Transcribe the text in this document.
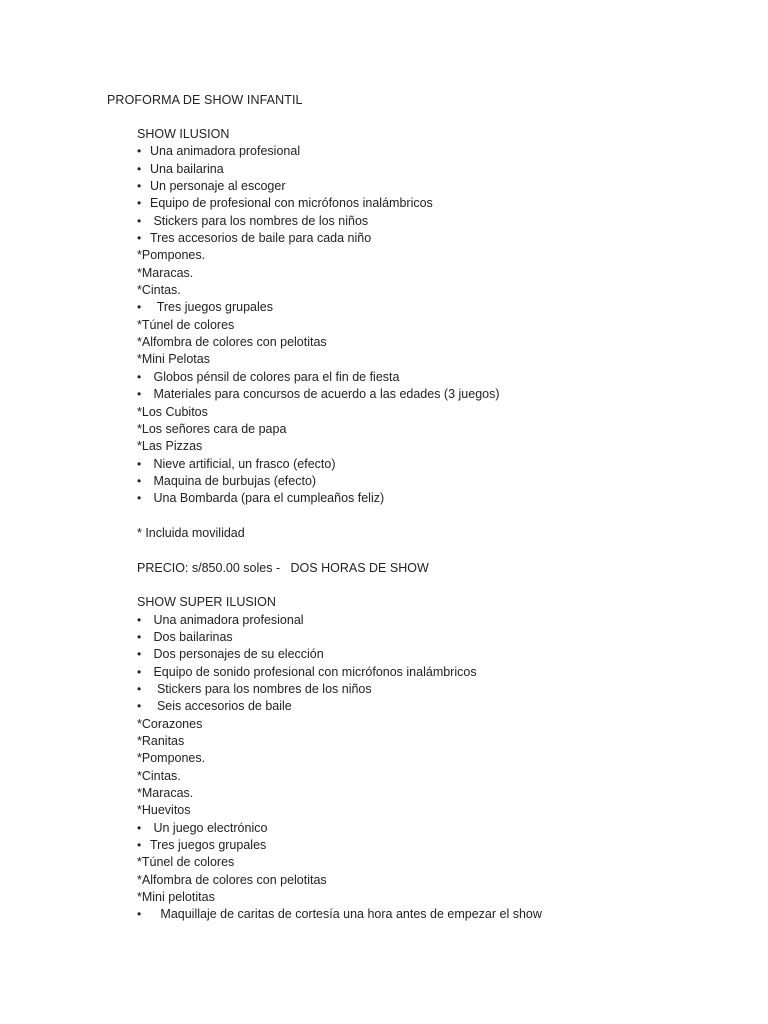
PROFORMA DE SHOW INFANTIL
SHOW ILUSION
• Una animadora profesional
• Una bailarina
• Un personaje al escoger
• Equipo de profesional con micrófonos inalámbricos
• Stickers para los nombres de los niños
• Tres accesorios de baile para cada niño
*Pompones.
*Maracas.
*Cintas.
•  Tres juegos grupales
*Túnel de colores
*Alfombra de colores con pelotitas
*Mini Pelotas
• Globos pénsil de colores para el fin de fiesta
• Materiales para concursos de acuerdo a las edades (3 juegos)
*Los Cubitos
*Los señores cara de papa
*Las Pizzas
• Nieve artificial, un frasco (efecto)
• Maquina de burbujas (efecto)
• Una Bombarda (para el cumpleaños feliz)
* Incluida movilidad
PRECIO: s/850.00 soles -   DOS HORAS DE SHOW
SHOW SUPER ILUSION
• Una animadora profesional
• Dos bailarinas
• Dos personajes de su elección
• Equipo de sonido profesional con micrófonos inalámbricos
•  Stickers para los nombres de los niños
•  Seis accesorios de baile
*Corazones
*Ranitas
*Pompones.
*Cintas.
*Maracas.
*Huevitos
• Un juego electrónico
• Tres juegos grupales
*Túnel de colores
*Alfombra de colores con pelotitas
*Mini pelotitas
•   Maquillaje de caritas de cortesía una hora antes de empezar el show
